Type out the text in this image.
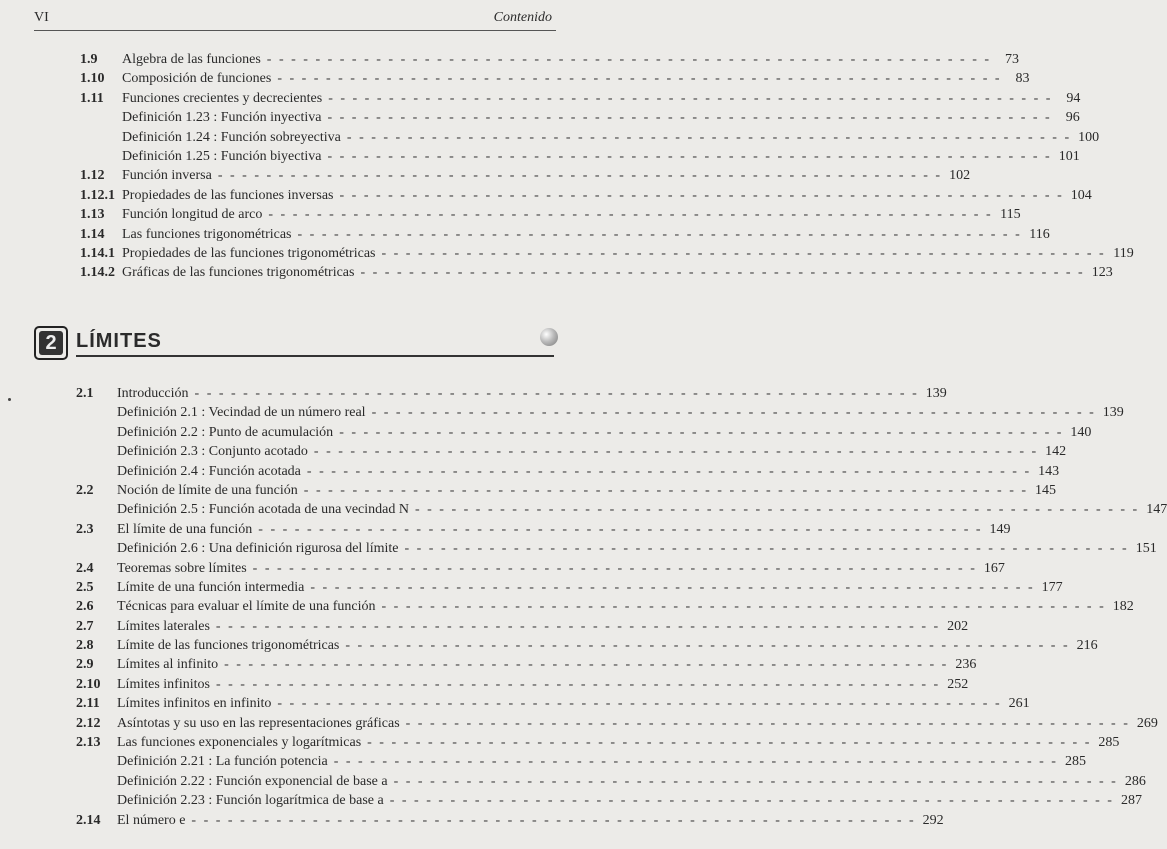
VI	Contenido
1.9 Algebra de las funciones - - - - - - - - - - - - - - - - - - - - - - - - - - - - - - - - - - - - - - - - - - - - - - - - - - - - - - - - - - - -	73
1.10 Composición de funciones - - - - - - - - - - - - - - - - - - - - - - - - - - - - - - - - - - - - - - - - - - - - - - - - - - - - - - - - - - - -	83
1.11 Funciones crecientes y decrecientes - - - - - - - - - - - - - - - - - - - - - - - - - - - - - - - - - - - - - - - - - - - - - - - - - - - - - - - - - - - -	94
Definición 1.23 : Función inyectiva - - - - - - - - - - - - - - - - - - - - - - - - - - - - - - - - - - - - - - - - - - - - - - - - - - - - - - - - - - - -	96
Definición 1.24 : Función sobreyectiva - - - - - - - - - - - - - - - - - - - - - - - - - - - - - - - - - - - - - - - - - - - - - - - - - - - - - - - - - - - - 100
Definición 1.25 : Función biyectiva - - - - - - - - - - - - - - - - - - - - - - - - - - - - - - - - - - - - - - - - - - - - - - - - - - - - - - - - - - - - 101
1.12 Función inversa - - - - - - - - - - - - - - - - - - - - - - - - - - - - - - - - - - - - - - - - - - - - - - - - - - - - - - - - - - - - 102
1.12.1 Propiedades de las funciones inversas - - - - - - - - - - - - - - - - - - - - - - - - - - - - - - - - - - - - - - - - - - - - - - - - - - - - - - - - - - - - 104
1.13 Función longitud de arco - - - - - - - - - - - - - - - - - - - - - - - - - - - - - - - - - - - - - - - - - - - - - - - - - - - - - - - - - - - - 115
1.14 Las funciones trigonométricas - - - - - - - - - - - - - - - - - - - - - - - - - - - - - - - - - - - - - - - - - - - - - - - - - - - - - - - - - - - - 116
1.14.1 Propiedades de las funciones trigonométricas - - - - - - - - - - - - - - - - - - - - - - - - - - - - - - - - - - - - - - - - - - - - - - - - - - - - - - - - - - - - 119
1.14.2 Gráficas de las funciones trigonométricas - - - - - - - - - - - - - - - - - - - - - - - - - - - - - - - - - - - - - - - - - - - - - - - - - - - - - - - - - - - - 123
2 LÍMITES
2.1 Introducción - - - - - - - - - - - - - - - - - - - - - - - - - - - - - - - - - - - - - - - - - - - - - - - - - - - - - - - - - - - - 139
Definición 2.1 : Vecindad de un número real - - - - - - - - - - - - - - - - - - - - - - - - - - - - - - - - - - - - - - - - - - - - - - - - - - - - - - - - - - - - 139
Definición 2.2 : Punto de acumulación - - - - - - - - - - - - - - - - - - - - - - - - - - - - - - - - - - - - - - - - - - - - - - - - - - - - - - - - - - - - 140
Definición 2.3 : Conjunto acotado - - - - - - - - - - - - - - - - - - - - - - - - - - - - - - - - - - - - - - - - - - - - - - - - - - - - - - - - - - - - 142
Definición 2.4 : Función acotada - - - - - - - - - - - - - - - - - - - - - - - - - - - - - - - - - - - - - - - - - - - - - - - - - - - - - - - - - - - - 143
2.2 Noción de límite de una función - - - - - - - - - - - - - - - - - - - - - - - - - - - - - - - - - - - - - - - - - - - - - - - - - - - - - - - - - - - - 145
Definición 2.5 : Función acotada de una vecindad N - - - - - - - - - - - - - - - - - - - - - - - - - - - - - - - - - - - - - - - - - - - - - - - - - - - - - - - - - - - - 147
2.3 El límite de una función - - - - - - - - - - - - - - - - - - - - - - - - - - - - - - - - - - - - - - - - - - - - - - - - - - - - - - - - - - - - 149
Definición 2.6 : Una definición rigurosa del límite - - - - - - - - - - - - - - - - - - - - - - - - - - - - - - - - - - - - - - - - - - - - - - - - - - - - - - - - - - - - 151
2.4 Teoremas sobre límites - - - - - - - - - - - - - - - - - - - - - - - - - - - - - - - - - - - - - - - - - - - - - - - - - - - - - - - - - - - - 167
2.5 Límite de una función intermedia - - - - - - - - - - - - - - - - - - - - - - - - - - - - - - - - - - - - - - - - - - - - - - - - - - - - - - - - - - - - 177
2.6 Técnicas para evaluar el límite de una función - - - - - - - - - - - - - - - - - - - - - - - - - - - - - - - - - - - - - - - - - - - - - - - - - - - - - - - - - - - - 182
2.7 Límites laterales - - - - - - - - - - - - - - - - - - - - - - - - - - - - - - - - - - - - - - - - - - - - - - - - - - - - - - - - - - - - 202
2.8 Límite de las funciones trigonométricas - - - - - - - - - - - - - - - - - - - - - - - - - - - - - - - - - - - - - - - - - - - - - - - - - - - - - - - - - - - - 216
2.9 Límites al infinito - - - - - - - - - - - - - - - - - - - - - - - - - - - - - - - - - - - - - - - - - - - - - - - - - - - - - - - - - - - - 236
2.10 Límites infinitos - - - - - - - - - - - - - - - - - - - - - - - - - - - - - - - - - - - - - - - - - - - - - - - - - - - - - - - - - - - - 252
2.11 Límites infinitos en infinito - - - - - - - - - - - - - - - - - - - - - - - - - - - - - - - - - - - - - - - - - - - - - - - - - - - - - - - - - - - - 261
2.12 Asíntotas y su uso en las representaciones gráficas - - - - - - - - - - - - - - - - - - - - - - - - - - - - - - - - - - - - - - - - - - - - - - - - - - - - - - - - - - - - 269
2.13 Las funciones exponenciales y logarítmicas - - - - - - - - - - - - - - - - - - - - - - - - - - - - - - - - - - - - - - - - - - - - - - - - - - - - - - - - - - - - 285
Definición 2.21 : La función potencia - - - - - - - - - - - - - - - - - - - - - - - - - - - - - - - - - - - - - - - - - - - - - - - - - - - - - - - - - - - - 285
Definición 2.22 : Función exponencial de base a - - - - - - - - - - - - - - - - - - - - - - - - - - - - - - - - - - - - - - - - - - - - - - - - - - - - - - - - - - - - 286
Definición 2.23 : Función logarítmica de base a - - - - - - - - - - - - - - - - - - - - - - - - - - - - - - - - - - - - - - - - - - - - - - - - - - - - - - - - - - - - 287
2.14 El número e - - - - - - - - - - - - - - - - - - - - - - - - - - - - - - - - - - - - - - - - - - - - - - - - - - - - - - - - - - - - 292
